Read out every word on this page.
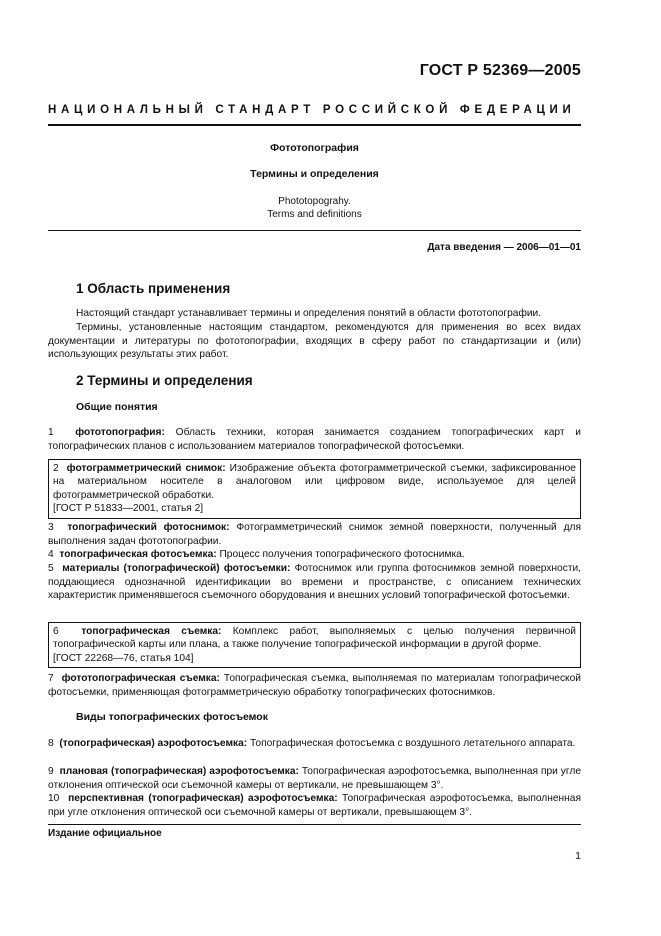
ГОСТ Р 52369—2005
НАЦИОНАЛЬНЫЙ СТАНДАРТ РОССИЙСКОЙ ФЕДЕРАЦИИ
Фототопография
Термины и определения
Phototopograhy.
Terms and definitions
Дата введения — 2006—01—01
1 Область применения
Настоящий стандарт устанавливает термины и определения понятий в области фототопографии.
Термины, установленные настоящим стандартом, рекомендуются для применения во всех видах документации и литературы по фототопографии, входящих в сферу работ по стандартизации и (или) использующих результаты этих работ.
2 Термины и определения
Общие понятия
1 фототопография: Область техники, которая занимается созданием топографических карт и топографических планов с использованием материалов топографической фотосъемки.
2 фотограмметрический снимок: Изображение объекта фотограмметрической съемки, зафиксированное на материальном носителе в аналоговом или цифровом виде, используемое для целей фотограмметрической обработки.
[ГОСТ Р 51833—2001, статья 2]
3 топографический фотоснимок: Фотограмметрический снимок земной поверхности, полученный для выполнения задач фототопографии.
4 топографическая фотосъемка: Процесс получения топографического фотоснимка.
5 материалы (топографической) фотосъемки: Фотоснимок или группа фотоснимков земной поверхности, поддающиеся однозначной идентификации во времени и пространстве, с описанием технических характеристик применявшегося съемочного оборудования и внешних условий топографической фотосъемки.
6 топографическая съемка: Комплекс работ, выполняемых с целью получения первичной топографической карты или плана, а также получение топографической информации в другой форме.
[ГОСТ 22268—76, статья 104]
7 фототопографическая съемка: Топографическая съемка, выполняемая по материалам топографической фотосъемки, применяющая фотограмметрическую обработку топографических фотоснимков.
Виды топографических фотосъемок
8 (топографическая) аэрофотосъемка: Топографическая фотосъемка с воздушного летательного аппарата.
9 плановая (топографическая) аэрофотосъемка: Топографическая аэрофотосъемка, выполненная при угле отклонения оптической оси съемочной камеры от вертикали, не превышающем 3°.
10 перспективная (топографическая) аэрофотосъемка: Топографическая аэрофотосъемка, выполненная при угле отклонения оптической оси съемочной камеры от вертикали, превышающем 3°.
Издание официальное
1
